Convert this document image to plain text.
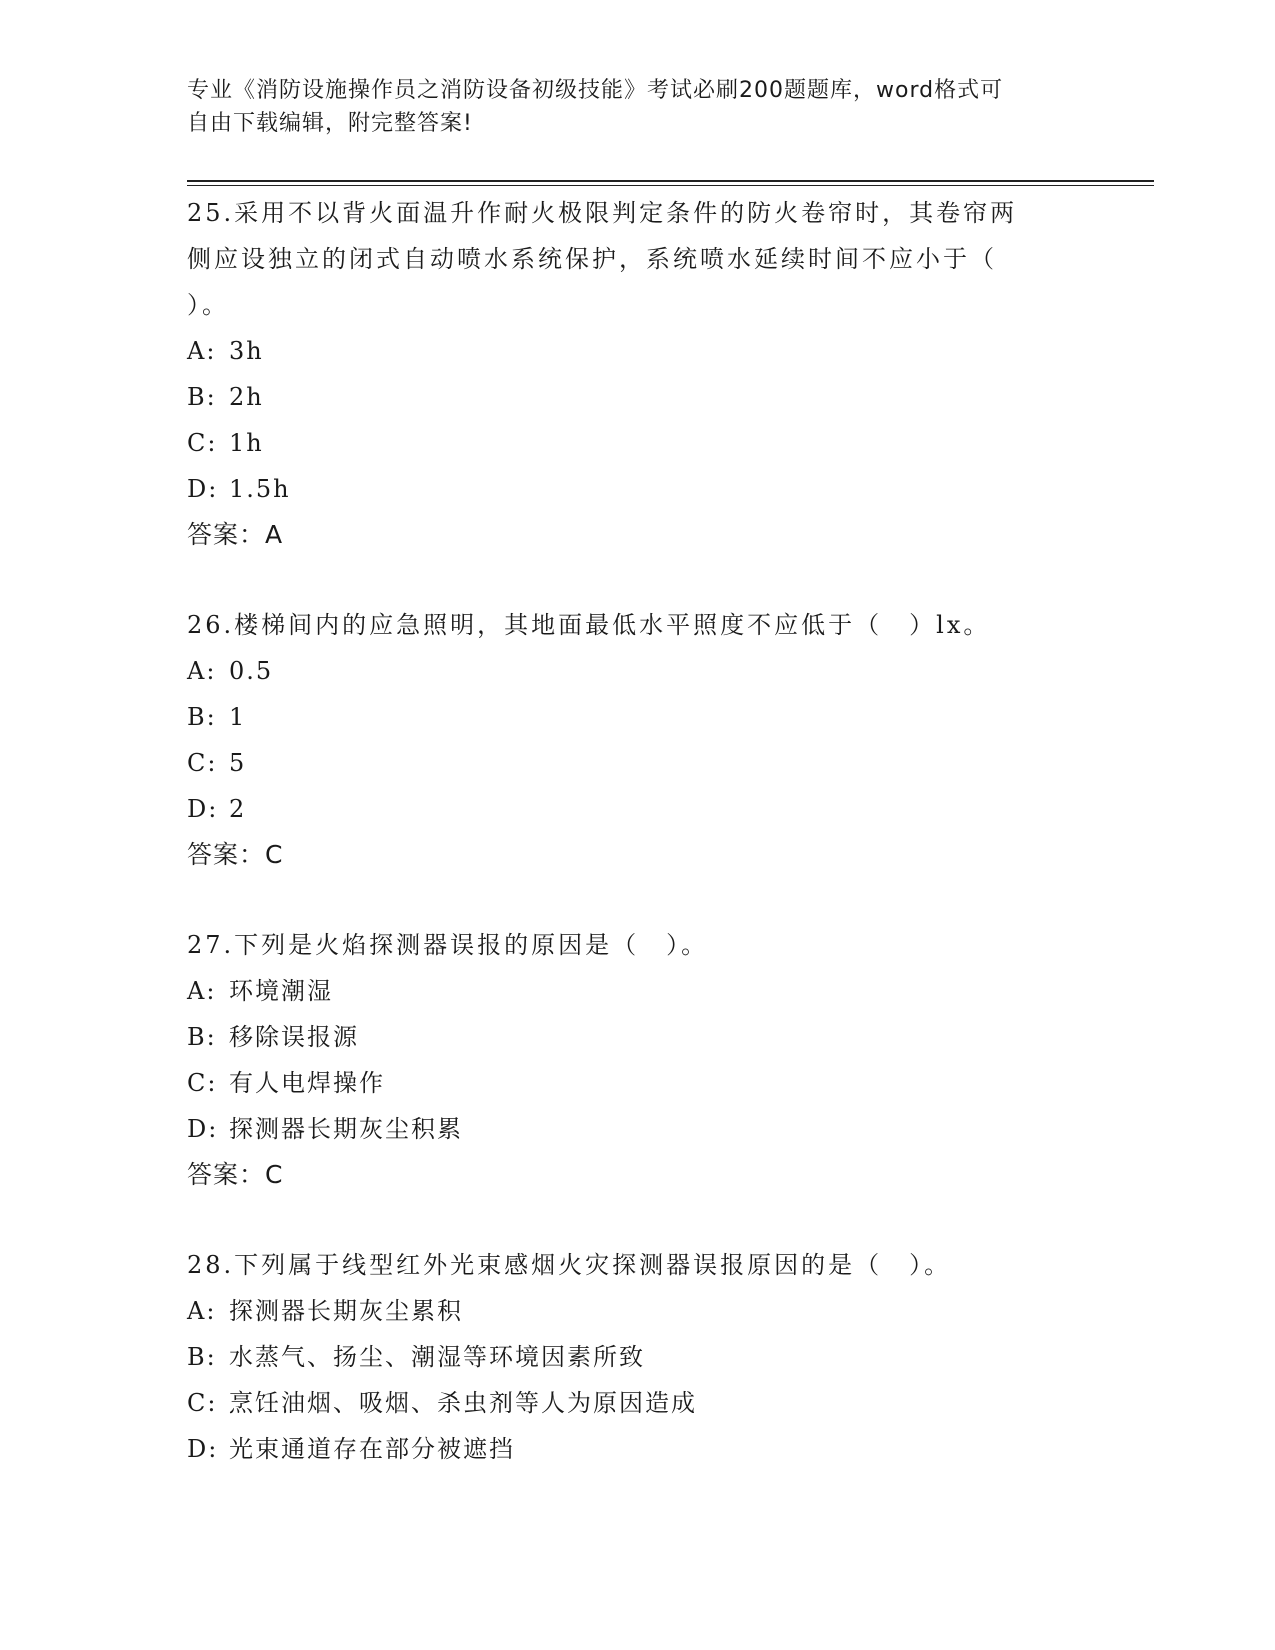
专业《消防设施操作员之消防设备初级技能》考试必刷200题题库，word格式可
自由下载编辑，附完整答案!
25.采用不以背火面温升作耐火极限判定条件的防火卷帘时，其卷帘两
侧应设独立的闭式自动喷水系统保护，系统喷水延续时间不应小于（
）。
A: 3h
B: 2h
C: 1h
D: 1.5h
答案：A
26.楼梯间内的应急照明，其地面最低水平照度不应低于（　）lx。
A: 0.5
B: 1
C: 5
D: 2
答案：C
27.下列是火焰探测器误报的原因是（　）。
A: 环境潮湿
B: 移除误报源
C: 有人电焊操作
D: 探测器长期灰尘积累
答案：C
28.下列属于线型红外光束感烟火灾探测器误报原因的是（　）。
A: 探测器长期灰尘累积
B: 水蒸气、扬尘、潮湿等环境因素所致
C: 烹饪油烟、吸烟、杀虫剂等人为原因造成
D: 光束通道存在部分被遮挡
